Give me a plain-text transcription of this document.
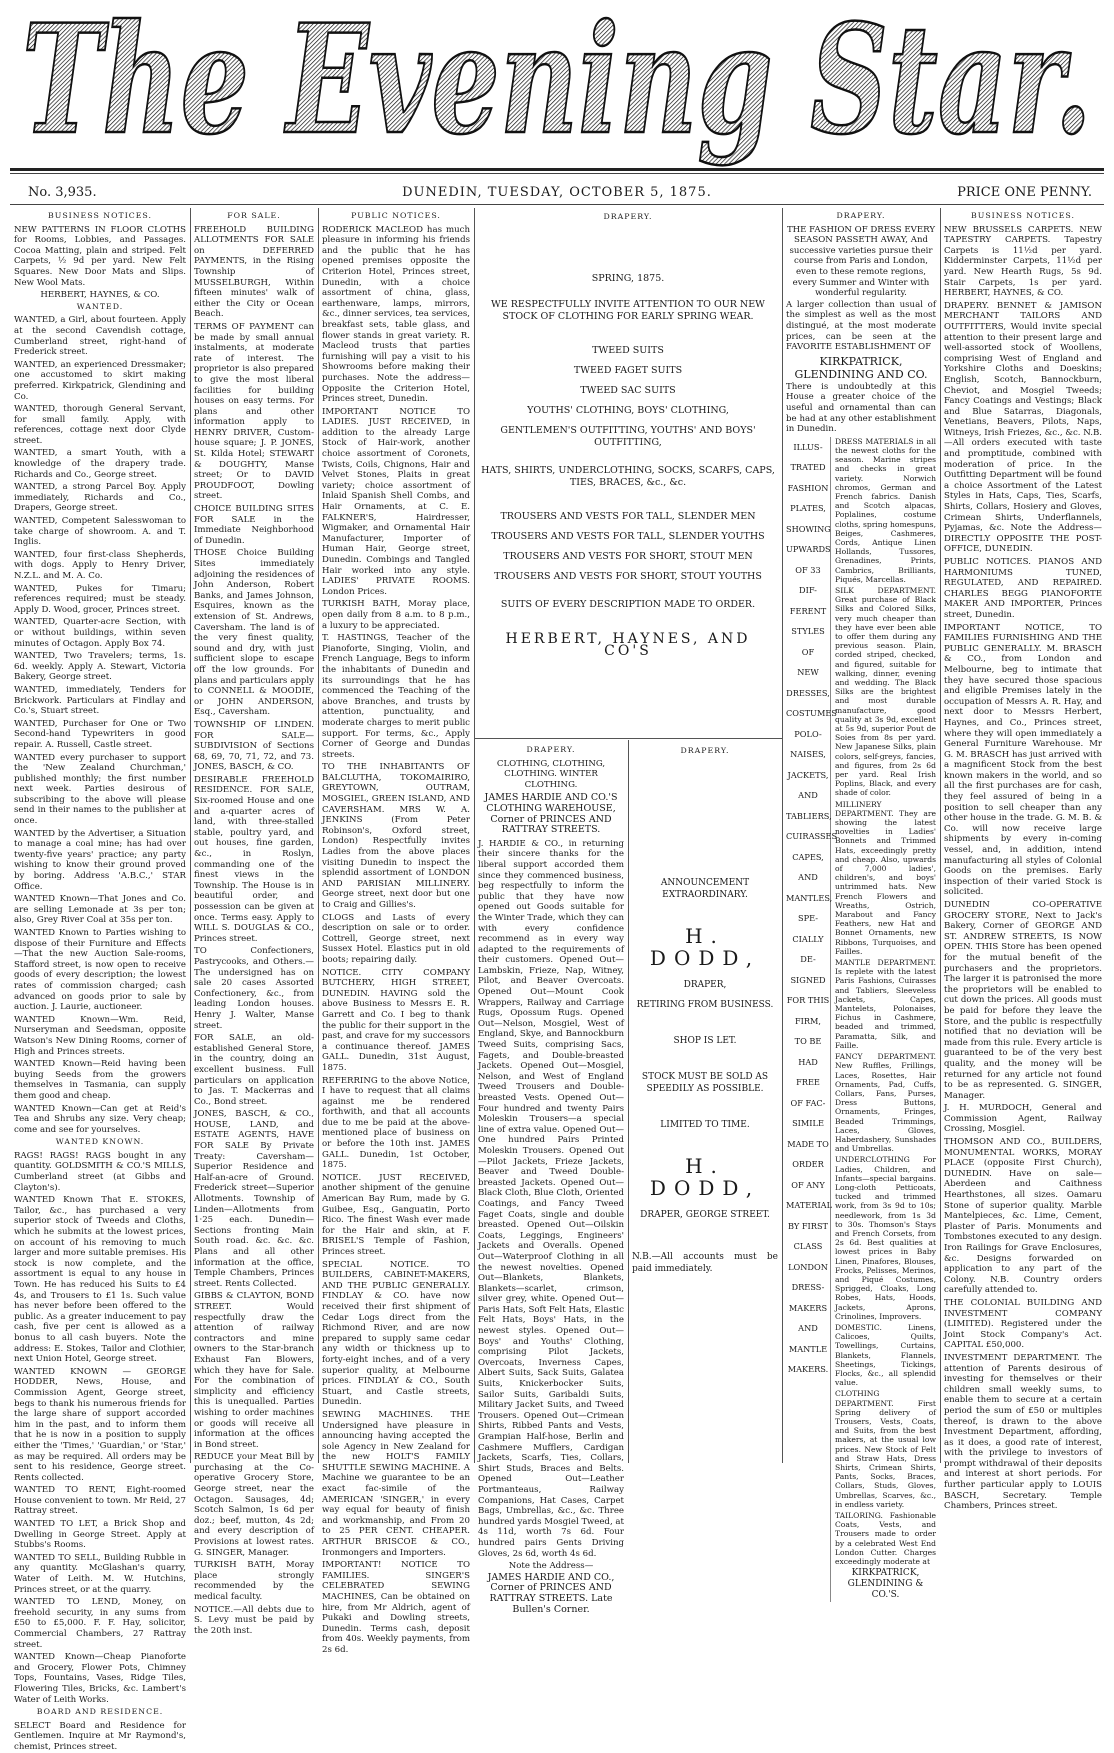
The Evening Star.
No. 3,935.	DUNEDIN, TUESDAY, OCTOBER 5, 1875.	PRICE ONE PENNY.
BUSINESS NOTICES.

NEW PATTERNS IN FLOOR CLOTHS for Rooms, Lobbies, and Passages. Cocoa Matting, plain and striped. Felt Carpets, ½ 9d per yard. New Felt Squares. New Door Mats and Slips. New Wool Mats.

HERBERT, HAYNES, & CO.
WANTED.

WANTED, a Girl, about fourteen. Apply at the second Cavendish cottage, Cumberland street, right-hand of Frederick street.

WANTED, an experienced Dressmaker; one accustomed to skirt making preferred. Kirkpatrick, Glendining and Co.

WANTED, thorough General Servant, for small family. Apply, with references, cottage next door Clyde street.

WANTED, a smart Youth, with a knowledge of the drapery trade. Richards and Co., George street.

WANTED, a strong Parcel Boy. Apply immediately, Richards and Co., Drapers, George street.

WANTED, Competent Salesswoman to take charge of showroom. A. and T. Inglis.

WANTED, four first-class Shepherds, with dogs. Apply to Henry Driver, N.Z.L. and M. A. Co.

WANTED, Pukes for Timaru; references required; must be steady. Apply D. Wood, grocer, Princes street.

WANTED, Quarter-acre Section, with or without buildings, within seven minutes of Octagon. Apply Box 74.

WANTED, Two Travelers; terms, 1s. 6d. weekly. Apply A. Stewart, Victoria Bakery, George street.

WANTED, immediately, Tenders for Brickwork. Particulars at Findlay and Co.'s, Stuart street.

WANTED, Purchaser for One or Two Second-hand Typewriters in good repair. A. Russell, Castle street.

WANTED every purchaser to support the 'New Zealand Churchman,' published monthly; the first number next week. Parties desirous of subscribing to the above will please send in their names to the publisher at once.

WANTED by the Advertiser, a Situation to manage a coal mine; has had over twenty-five years' practice; any party wishing to know their ground proved by boring. Address 'A.B.C.,' STAR Office.

WANTED Known—That Jones and Co. are selling Lemonade at 3s per ton; also, Grey River Coal at 35s per ton.

WANTED Known to Parties wishing to dispose of their Furniture and Effects —That the new Auction Sale-rooms, Stafford street, is now open to receive goods of every description; the lowest rates of commission charged; cash advanced on goods prior to sale by auction. J. Laurie, auctioneer.

WANTED Known—Wm. Reid, Nurseryman and Seedsman, opposite Watson's New Dining Rooms, corner of High and Princes streets.

WANTED Known—Reid having been buying Seeds from the growers themselves in Tasmania, can supply them good and cheap.

WANTED Known—Can get at Reid's Tea and Shrubs any size. Very cheap; come and see for yourselves.

WANTED KNOWN.

RAGS! RAGS! RAGS bought in any quantity. GOLDSMITH & CO.'S MILLS, Cumberland street (at Gibbs and Clayton's).

WANTED Known That E. STOKES, Tailor, &c., has purchased a very superior stock of Tweeds and Cloths, which he submits at the lowest prices, on account of his removing to much larger and more suitable premises. His stock is now complete, and the assortment is equal to any house in Town. He has reduced his Suits to £4 4s, and Trousers to £1 1s. Such value has never before been offered to the public. As a greater inducement to pay cash, five per cent is allowed as a bonus to all cash buyers. Note the address: E. Stokes, Tailor and Clothier, next Union Hotel, George street.

WANTED KNOWN — GEORGE HODDER, News, House, and Commission Agent, George street, begs to thank his numerous friends for the large share of support accorded him in the past, and to inform them that he is now in a position to supply either the 'Times,' 'Guardian,' or 'Star,' as may be required. All orders may be sent to his residence, George street. Rents collected.

WANTED TO RENT, Eight-roomed House convenient to town. Mr Reid, 27 Rattray street.

WANTED TO LET, a Brick Shop and Dwelling in George Street. Apply at Stubbs's Rooms.

WANTED TO SELL, Building Rubble in any quantity. McGlashan's quarry, Water of Leith. M. W. Hutchins, Princes street, or at the quarry.

WANTED TO LEND, Money, on freehold security, in any sums from £50 to £5,000. F. F. Hay, solicitor, Commercial Chambers, 27 Rattray street.

WANTED Known—Cheap Pianoforte and Grocery, Flower Pots, Chimney Tops, Fountains, Vases, Ridge Tiles, Flowering Tiles, Bricks, &c. Lambert's Water of Leith Works.

BOARD AND RESIDENCE.

SELECT Board and Residence for Gentlemen. Inquire at Mr Raymond's, chemist, Princes street.

FOR SALE.

FREEHOLD BUILDING ALLOTMENTS FOR SALE on DEFERRED PAYMENTS, in the Rising Township of MUSSELBURGH, Within fifteen minutes' walk of either the City or Ocean Beach.

TERMS OF PAYMENT can be made by small annual instalments, at moderate rate of interest. The proprietor is also prepared to give the most liberal facilities for building houses on easy terms. For plans and other information apply to HENRY DRIVER, Custom-house square; J. P. JONES, St. Kilda Hotel; STEWART & DOUGHTY, Manse street; Or to DAVID PROUDFOOT, Dowling street.

CHOICE BUILDING SITES FOR SALE in the Immediate Neighborhood of Dunedin.

THOSE Choice Building Sites immediately adjoining the residences of John Anderson, Robert Banks, and James Johnson, Esquires, known as the extension of St. Andrews, Caversham. The land is of the very finest quality, sound and dry, with just sufficient slope to escape off the low grounds. For plans and particulars apply to CONNELL & MOODIE, or JOHN ANDERSON, Esq., Caversham.

TOWNSHIP OF LINDEN. FOR SALE— SUBDIVISION of Sections 68, 69, 70, 71, 72, and 73. JONES, BASCH, & CO.

DESIRABLE FREEHOLD RESIDENCE. FOR SALE, Six-roomed House and one and a-quarter acres of land, with three-stalled stable, poultry yard, and out houses, fine garden, &c., in Roslyn, commanding one of the finest views in the Township. The House is in beautiful order, and possession can be given at once. Terms easy. Apply to WILL S. DOUGLAS & CO., Princes street.

TO Confectioners, Pastrycooks, and Others.—The undersigned has on sale 20 cases Assorted Confectionery, &c., from leading London houses. Henry J. Walter, Manse street.

FOR SALE, an old-established General Store, in the country, doing an excellent business. Full particulars on application to Jas. T. Mackerras and Co., Bond street.

JONES, BASCH, & CO., HOUSE, LAND, and ESTATE AGENTS, HAVE FOR SALE By Private Treaty: Caversham—Superior Residence and Half-an-acre of Ground. Frederick street—Superior Allotments. Township of Linden—Allotments from 1·25 each. Dunedin—Sections fronting Main South road. &c. &c. &c. Plans and all other information at the office, Temple Chambers, Princes street. Rents Collected.

GIBBS & CLAYTON, BOND STREET. Would respectfully draw the attention of railway contractors and mine owners to the Star-branch Exhaust Fan Blowers, which they have for Sale. For the combination of simplicity and efficiency this is unequalled. Parties wishing to order machines or goods will receive all information at the offices in Bond street.

REDUCE your Meat Bill by purchasing at the Co-operative Grocery Store, George street, near the Octagon. Sausages, 4d; Scotch Salmon, 1s 6d per doz.; beef, mutton, 4s 2d; and every description of Provisions at lowest rates. G. SINGER, Manager.

TURKISH BATH, Moray place strongly recommended by the medical faculty.

NOTICE.—All debts due to S. Levy must be paid by the 20th inst.

PUBLIC NOTICES.

RODERICK MACLEOD has much pleasure in informing his friends and the public that he has opened premises opposite the Criterion Hotel, Princes street, Dunedin, with a choice assortment of china, glass, earthenware, lamps, mirrors, &c., dinner services, tea services, breakfast sets, table glass, and flower stands in great variety. R. Macleod trusts that parties furnishing will pay a visit to his Showrooms before making their purchases. Note the address— Opposite the Criterion Hotel, Princes street, Dunedin.

IMPORTANT NOTICE TO LADIES. JUST RECEIVED, in addition to the already Large Stock of Hair-work, another choice assortment of Coronets, Twists, Coils, Chignons, Hair and Velvet Stones, Plaits in great variety; choice assortment of Inlaid Spanish Shell Combs, and Hair Ornaments, at C. E. FALKNER'S, Hairdresser, Wigmaker, and Ornamental Hair Manufacturer, Importer of Human Hair, George street, Dunedin. Combings and Tangled Hair worked into any style. LADIES' PRIVATE ROOMS. London Prices.

TURKISH BATH, Moray place, open daily from 8 a.m. to 8 p.m., a luxury to be appreciated.

T. HASTINGS, Teacher of the Pianoforte, Singing, Violin, and French Language, Begs to inform the inhabitants of Dunedin and its surroundings that he has commenced the Teaching of the above Branches, and trusts by attention, punctuality, and moderate charges to merit public support. For terms, &c., Apply Corner of George and Dundas streets.

TO THE INHABITANTS OF BALCLUTHA, TOKOMAIRIRO, GREYTOWN, OUTRAM, MOSGIEL, GREEN ISLAND, AND CAVERSHAM. MRS W. A. JENKINS (From Peter Robinson's, Oxford street, London) Respectfully invites Ladies from the above places visiting Dunedin to inspect the splendid assortment of LONDON AND PARISIAN MILLINERY. George street, next door but one to Craig and Gillies's.

CLOGS and Lasts of every description on sale or to order. Cottrell, George street, next Sussex Hotel. Elastics put in old boots; repairing daily.

NOTICE. CITY COMPANY BUTCHERY, HIGH STREET, DUNEDIN. HAVING sold the above Business to Messrs E. R. Garrett and Co. I beg to thank the public for their support in the past, and crave for my successors a continuance thereof. JAMES GALL. Dunedin, 31st August, 1875.

REFERRING to the above Notice, I have to request that all claims against me be rendered forthwith, and that all accounts due to me be paid at the above-mentioned place of business on or before the 10th inst. JAMES GALL. Dunedin, 1st October, 1875.

NOTICE. JUST RECEIVED, another shipment of the genuine American Bay Rum, made by G. Guibee, Esq., Ganguatin, Porto Rico. The finest Wash ever made for the Hair and skin, at F. BRISEL'S Temple of Fashion, Princes street.

SPECIAL NOTICE. TO BUILDERS, CABINET-MAKERS, AND THE PUBLIC GENERALLY. FINDLAY & CO. have now received their first shipment of Cedar Logs direct from the Richmond River, and are now prepared to supply same cedar any width or thickness up to forty-eight inches, and of a very superior quality, at Melbourne prices. FINDLAY & CO., South Stuart, and Castle streets, Dunedin.

SEWING MACHINES. THE Undersigned have pleasure in announcing having accepted the sole Agency in New Zealand for the new HOLT'S FAMILY SHUTTLE SEWING MACHINE. A Machine we guarantee to be an exact fac-simile of the AMERICAN 'SINGER,' in every way equal for beauty of finish and workmanship, and From 20 to 25 PER CENT. CHEAPER. ARTHUR BRISCOE & CO., Ironmongers and Importers.

IMPORTANT! NOTICE TO FAMILIES. SINGER'S CELEBRATED SEWING MACHINES, Can be obtained on hire, from Mr Aldrich, agent of Pukaki and Dowling streets, Dunedin. Terms cash, deposit from 40s. Weekly payments, from 2s 6d.

DRAPERY.
SPRING, 1875.
WE RESPECTFULLY INVITE ATTENTION TO OUR NEW STOCK OF CLOTHING FOR EARLY SPRING WEAR.
TWEED SUITS
TWEED FAGET SUITS
TWEED SAC SUITS
YOUTHS' CLOTHING, BOYS' CLOTHING,
GENTLEMEN'S OUTFITTING, YOUTHS' AND BOYS' OUTFITTING,
HATS, SHIRTS, UNDERCLOTHING, SOCKS, SCARFS, CAPS, TIES, BRACES, &c., &c.
TROUSERS AND VESTS FOR TALL, SLENDER MEN
TROUSERS AND VESTS FOR TALL, SLENDER YOUTHS
TROUSERS AND VESTS FOR SHORT, STOUT MEN
TROUSERS AND VESTS FOR SHORT, STOUT YOUTHS
SUITS OF EVERY DESCRIPTION MADE TO ORDER.
HERBERT, HAYNES, AND CO'S
DRAPERY.
CLOTHING, CLOTHING, CLOTHING. WINTER CLOTHING.
JAMES HARDIE AND CO.'S CLOTHING WAREHOUSE, Corner of PRINCES AND RATTRAY STREETS.

J. HARDIE & CO., in returning their sincere thanks for the liberal support accorded them since they commenced business, beg respectfully to inform the public that they have now opened out Goods suitable for the Winter Trade, which they can with every confidence recommend as in every way adapted to the requirements of their customers. Opened Out—Lambskin, Frieze, Nap, Witney, Pilot, and Beaver Overcoats. Opened Out—Mount Cook Wrappers, Railway and Carriage Rugs, Opossum Rugs. Opened Out—Nelson, Mosgiel, West of England, Skye, and Bannockburn Tweed Suits, comprising Sacs, Fagets, and Double-breasted Jackets. Opened Out—Mosgiel, Nelson, and West of England Tweed Trousers and Double-breasted Vests. Opened Out—Four hundred and twenty Pairs Moleskin Trousers—a special line of extra value. Opened Out—One hundred Pairs Printed Moleskin Trousers. Opened Out—Pilot Jackets, Frieze Jackets, Beaver and Tweed Double-breasted Jackets. Opened Out—Black Cloth, Blue Cloth, Oriented Coatings, and Fancy Tweed Faget Coats, single and double breasted. Opened Out—Oilskin Coats, Leggings, Engineers' Jackets and Overalls. Opened Out—Waterproof Clothing in all the newest novelties. Opened Out—Blankets, Blankets, Blankets—scarlet, crimson, silver grey, white. Opened Out—Paris Hats, Soft Felt Hats, Elastic Felt Hats, Boys' Hats, in the newest styles. Opened Out—Boys' and Youths' Clothing, comprising Pilot Jackets, Overcoats, Inverness Capes, Albert Suits, Sack Suits, Galatea Suits, Knickerbocker Suits, Sailor Suits, Garibaldi Suits, Military Jacket Suits, and Tweed Trousers. Opened Out—Crimean Shirts, Ribbed Pants and Vests, Grampian Half-hose, Berlin and Cashmere Mufflers, Cardigan Jackets, Scarfs, Ties, Collars, Shirt Studs, Braces and Belts. Opened Out—Leather Portmanteaus, Railway Companions, Hat Cases, Carpet Bags, Umbrellas, &c., &c. Three hundred yards Mosgiel Tweed, at 4s 11d, worth 7s 6d. Four hundred pairs Gents Driving Gloves, 2s 6d, worth 4s 6d.

Note the Address—
JAMES HARDIE AND CO., Corner of PRINCES AND RATTRAY STREETS. Late Bullen's Corner.
DRAPERY.
ANNOUNCEMENT EXTRAORDINARY.
H. DODD,
DRAPER,
RETIRING FROM BUSINESS.
SHOP IS LET.
STOCK MUST BE SOLD AS SPEEDILY AS POSSIBLE.
LIMITED TO TIME.
H. DODD,
DRAPER, GEORGE STREET.

N.B.—All accounts must be paid immediately.

DRAPERY.

THE FASHION OF DRESS EVERY SEASON PASSETH AWAY, And successive varieties pursue their course from Paris and London, even to these remote regions, every Summer and Winter with wonderful regularity.

A larger collection than usual of the simplest as well as the most distingué, at the most moderate prices, can be seen at the FAVORITE ESTABLISHMENT OF

KIRKPATRICK, GLENDINING AND CO.

There is undoubtedly at this House a greater choice of the useful and ornamental than can be had at any other establishment in Dunedin.

ILLUS-
TRATED
FASHION
PLATES,
SHOWING
UPWARDS
OF 33
DIF-
FERENT
STYLES
OF
NEW
DRESSES,
COSTUMES
POLO-
NAISES,
JACKETS,
AND
TABLIERS,
CUIRASSES
CAPES,
AND
MANTLES,
SPE-
CIALLY
DE-
SIGNED
FOR THIS
FIRM,
TO BE
HAD
FREE
OF FAC-
SIMILE
MADE TO
ORDER
OF ANY
MATERIAL
BY FIRST
CLASS
LONDON
DRESS-
MAKERS
AND
MANTLE
MAKERS.

DRESS MATERIALS in all the newest cloths for the season. Marine stripes and checks in great variety. Norwich chromos, German and French fabrics. Danish and Scotch alpacas, Poplalines, costume cloths, spring homespuns, Beiges, Cashmeres, Cords, Antique Linen Hollands, Tussores, Grenadines, Prints, Cambrics, Brilliants, Piqués, Marcellas.

SILK DEPARTMENT. Great purchase of Black Silks and Colored Silks, very much cheaper than they have ever been able to offer them during any previous season. Plain, corded striped, checked, and figured, suitable for walking, dinner, evening and wedding. The Black Silks are the brightest and most durable manufacture, good quality at 3s 9d, excellent at 5s 9d, superior Pout de Soies from 8s per yard. New Japanese Silks, plain colors, self-greys, fancies, and figures, from 2s 6d per yard. Real Irish Poplins, Black, and every shade of color.

MILLINERY DEPARTMENT. They are showing the latest novelties in Ladies' Bonnets and Trimmed Hats, exceedingly pretty and cheap. Also, upwards of 7,000 ladies', children's, and boys' untrimmed hats. New French Flowers and Wreaths, Ostrich, Marabout and Fancy Feathers, new Hat and Bonnet Ornaments, new Ribbons, Turquoises, and Failles.

MANTLE DEPARTMENT. Is replete with the latest Paris Fashions, Cuirasses and Tabliers, Sleeveless Jackets, Capes, Mantelets, Polonaises, Fichus in Cashmere, beaded and trimmed, Paramatta, Silk, and Faille.

FANCY DEPARTMENT. New Ruffles, Frillings, Laces, Rosettes, Hair Ornaments, Pad, Cuffs, Collars, Fans, Purses, Dress Buttons, Ornaments, Fringes, Beaded Trimmings, Laces, Gloves, Haberdashery, Sunshades and Umbrellas.

UNDERCLOTHING For Ladies, Children, and Infants—special bargains. Long-cloth Petticoats, tucked and trimmed work, from 3s 9d to 10s; needlework, from 1s 3d to 30s. Thomson's Stays and French Corsets, from 2s 6d. Best qualities at lowest prices in Baby Linen, Pinafores, Blouses, Frocks, Pelisses, Merinos, and Piqué Costumes, Sprigged, Cloaks, Long Robes, Hats, Hoods, Jackets, Aprons, Crinolines, Improvers.

DOMESTIC. Linens, Calicoes, Quilts, Towellings, Curtains, Blankets, Flannels, Sheetings, Tickings, Flocks, &c., all splendid value.

CLOTHING DEPARTMENT. First Spring delivery of Trousers, Vests, Coats, and Suits, from the best makers, at the usual low prices. New Stock of Felt and Straw Hats, Dress Shirts, Crimean Shirts, Pants, Socks, Braces, Collars, Studs, Gloves, Umbrellas, Scarves, &c., in endless variety.

TAILORING. Fashionable Coats, Vests, and Trousers made to order by a celebrated West End London Cutter. Charges exceedingly moderate at

KIRKPATRICK, GLENDINING & CO.'S.
BUSINESS NOTICES.

NEW BRUSSELS CARPETS. NEW TAPESTRY CARPETS. Tapestry Carpets is 11½d per yard. Kidderminster Carpets, 11½d per yard. New Hearth Rugs, 5s 9d. Stair Carpets, 1s per yard. HERBERT, HAYNES, & CO.

DRAPERY. BENNET & JAMISON MERCHANT TAILORS AND OUTFITTERS, Would invite special attention to their present large and well-assorted stock of Woollens, comprising West of England and Yorkshire Cloths and Doeskins; English, Scotch, Bannockburn, Cheviot, and Mosgiel Tweeds; Fancy Coatings and Vestings; Black and Blue Satarras, Diagonals, Venetians, Beavers, Pilots, Naps, Witneys, Irish Friezes, &c., &c. N.B.—All orders executed with taste and promptitude, combined with moderation of price. In the Outfitting Department will be found a choice Assortment of the Latest Styles in Hats, Caps, Ties, Scarfs, Shirts, Collars, Hosiery and Gloves, Crimean Shirts, Underflannels, Pyjamas, &c. Note the Address— DIRECTLY OPPOSITE THE POST-OFFICE, DUNEDIN.

PUBLIC NOTICES. PIANOS AND HARMONIUMS TUNED, REGULATED, AND REPAIRED. CHARLES BEGG PIANOFORTE MAKER AND IMPORTER, Princes street, Dunedin.

IMPORTANT NOTICE, TO FAMILIES FURNISHING AND THE PUBLIC GENERALLY. M. BRASCH & CO., from London and Melbourne, beg to intimate that they have secured those spacious and eligible Premises lately in the occupation of Messrs A. R. Hay, and next door to Messrs Herbert, Haynes, and Co., Princes street, where they will open immediately a General Furniture Warehouse. Mr G. M. BRASCH has just arrived with a magnificent Stock from the best known makers in the world, and so all the first purchases are for cash, they feel assured of being in a position to sell cheaper than any other house in the trade. G. M. B. & Co. will now receive large shipments by every in-coming vessel, and, in addition, intend manufacturing all styles of Colonial Goods on the premises. Early inspection of their varied Stock is solicited.

DUNEDIN CO-OPERATIVE GROCERY STORE, Next to Jack's Bakery, Corner of GEORGE AND ST. ANDREW STREETS, IS NOW OPEN. THIS Store has been opened for the mutual benefit of the purchasers and the proprietors. The larger it is patronised the more the proprietors will be enabled to cut down the prices. All goods must be paid for before they leave the Store, and the public is respectfully notified that no deviation will be made from this rule. Every article is guaranteed to be of the very best quality, and the money will be returned for any article not found to be as represented. G. SINGER, Manager.

J. H. MURDOCH, General and Commission Agent, Railway Crossing, Mosgiel.

THOMSON AND CO., BUILDERS, MONUMENTAL WORKS, MORAY PLACE (opposite First Church), DUNEDIN. Have on sale— Aberdeen and Caithness Hearthstones, all sizes. Oamaru Stone of superior quality. Marble Mantelpieces, &c. Lime, Cement, Plaster of Paris. Monuments and Tombstones executed to any design. Iron Railings for Grave Enclosures, &c. Designs forwarded on application to any part of the Colony. N.B. Country orders carefully attended to.

THE COLONIAL BUILDING AND INVESTMENT COMPANY (LIMITED). Registered under the Joint Stock Company's Act. CAPITAL £50,000.

INVESTMENT DEPARTMENT. The attention of Parents desirous of investing for themselves or their children small weekly sums, to enable them to secure at a certain period the sum of £50 or multiples thereof, is drawn to the above Investment Department, affording, as it does, a good rate of interest, with the privilege to investors of prompt withdrawal of their deposits and interest at short periods. For further particular apply to LOUIS BASCH, Secretary. Temple Chambers, Princes street.
